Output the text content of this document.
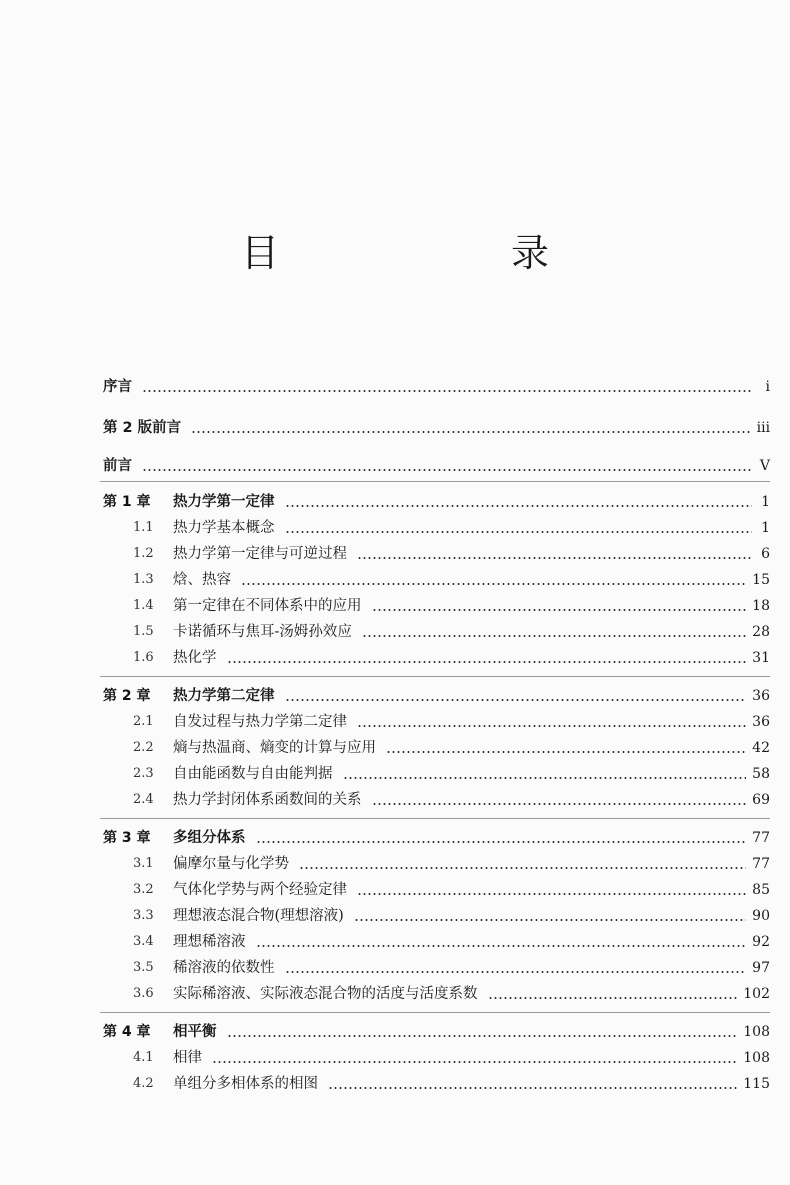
目　　录
序言	ⅰ
第 2 版前言	ⅲ
前言	Ⅴ
第 1 章	热力学第一定律	1
1.1	热力学基本概念	1
1.2	热力学第一定律与可逆过程	6
1.3	焓、热容	15
1.4	第一定律在不同体系中的应用	18
1.5	卡诺循环与焦耳-汤姆孙效应	28
1.6	热化学	31
第 2 章	热力学第二定律	36
2.1	自发过程与热力学第二定律	36
2.2	熵与热温商、熵变的计算与应用	42
2.3	自由能函数与自由能判据	58
2.4	热力学封闭体系函数间的关系	69
第 3 章	多组分体系	77
3.1	偏摩尔量与化学势	77
3.2	气体化学势与两个经验定律	85
3.3	理想液态混合物(理想溶液)	90
3.4	理想稀溶液	92
3.5	稀溶液的依数性	97
3.6	实际稀溶液、实际液态混合物的活度与活度系数	102
第 4 章	相平衡	108
4.1	相律	108
4.2	单组分多相体系的相图	115
